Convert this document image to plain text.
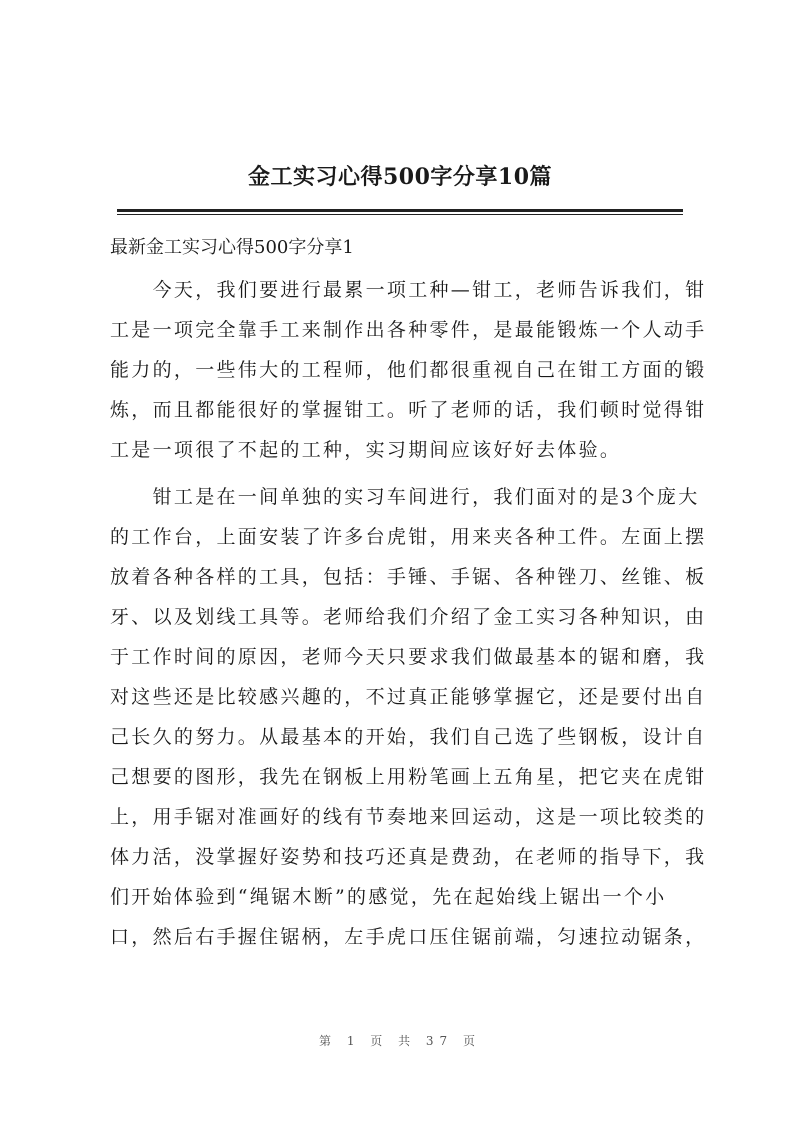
金工实习心得500字分享10篇
最新金工实习心得500字分享1
　　今天，我们要进行最累一项工种—钳工，老师告诉我们，钳
工是一项完全靠手工来制作出各种零件，是最能锻炼一个人动手
能力的，一些伟大的工程师，他们都很重视自己在钳工方面的锻
炼，而且都能很好的掌握钳工。听了老师的话，我们顿时觉得钳
工是一项很了不起的工种，实习期间应该好好去体验。
　　钳工是在一间单独的实习车间进行，我们面对的是3个庞大
的工作台，上面安装了许多台虎钳，用来夹各种工件。左面上摆
放着各种各样的工具，包括：手锤、手锯、各种锉刀、丝锥、板
牙、以及划线工具等。老师给我们介绍了金工实习各种知识，由
于工作时间的原因，老师今天只要求我们做最基本的锯和磨，我
对这些还是比较感兴趣的，不过真正能够掌握它，还是要付出自
己长久的努力。从最基本的开始，我们自己选了些钢板，设计自
己想要的图形，我先在钢板上用粉笔画上五角星，把它夹在虎钳
上，用手锯对准画好的线有节奏地来回运动，这是一项比较类的
体力活，没掌握好姿势和技巧还真是费劲，在老师的指导下，我
们开始体验到“绳锯木断”的感觉，先在起始线上锯出一个小
口，然后右手握住锯柄，左手虎口压住锯前端，匀速拉动锯条，
第 1 页 共 37 页
